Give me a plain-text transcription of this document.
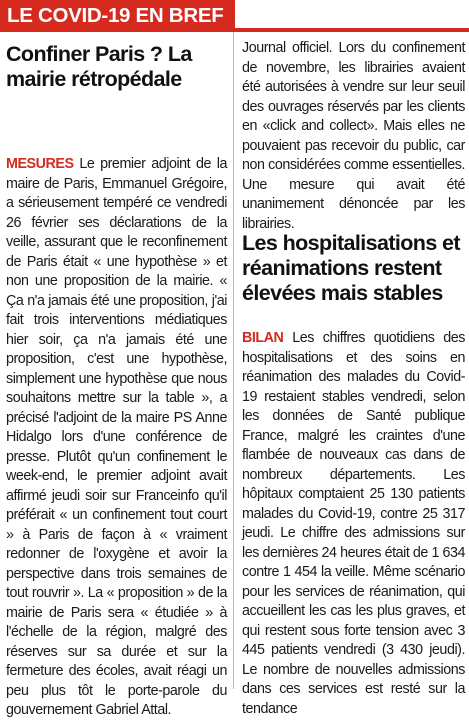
LE COVID-19 EN BREF
Confiner Paris ? La mairie rétropédale
MESURES Le premier adjoint de la maire de Paris, Emmanuel Grégoire, a sérieusement tempéré ce vendredi 26 février ses déclarations de la veille, assurant que le reconfinement de Paris était « une hypothèse » et non une proposition de la mairie. « Ça n'a jamais été une proposition, j'ai fait trois interventions médiatiques hier soir, ça n'a jamais été une proposition, c'est une hypothèse, simplement une hypothèse que nous souhaitons mettre sur la table », a précisé l'adjoint de la maire PS Anne Hidalgo lors d'une conférence de presse. Plutôt qu'un confinement le week-end, le premier adjoint avait affirmé jeudi soir sur Franceinfo qu'il préférait « un confinement tout court » à Paris de façon à « vraiment redonner de l'oxygène et avoir la perspective dans trois semaines de tout rouvrir ». La « proposition » de la mairie de Paris sera « étudiée » à l'échelle de la région, malgré des réserves sur sa durée et sur la fermeture des écoles, avait réagi un peu plus tôt le porte-parole du gouvernement Gabriel Attal.
Journal officiel. Lors du confinement de novembre, les librairies avaient été autorisées à vendre sur leur seuil des ouvrages réservés par les clients en «click and collect». Mais elles ne pouvaient pas recevoir du public, car non considérées comme essentielles. Une mesure qui avait été unanimement dénoncée par les librairies.
Les hospitalisations et réanimations restent élevées mais stables
BILAN Les chiffres quotidiens des hospitalisations et des soins en réanimation des malades du Covid-19 restaient stables vendredi, selon les données de Santé publique France, malgré les craintes d'une flambée de nouveaux cas dans de nombreux départements. Les hôpitaux comptaient 25 130 patients malades du Covid-19, contre 25 317 jeudi. Le chiffre des admissions sur les dernières 24 heures était de 1 634 contre 1 454 la veille. Même scénario pour les services de réanimation, qui accueillent les cas les plus graves, et qui restent sous forte tension avec 3 445 patients vendredi (3 430 jeudi). Le nombre de nouvelles admissions dans ces services est resté sur la tendance
